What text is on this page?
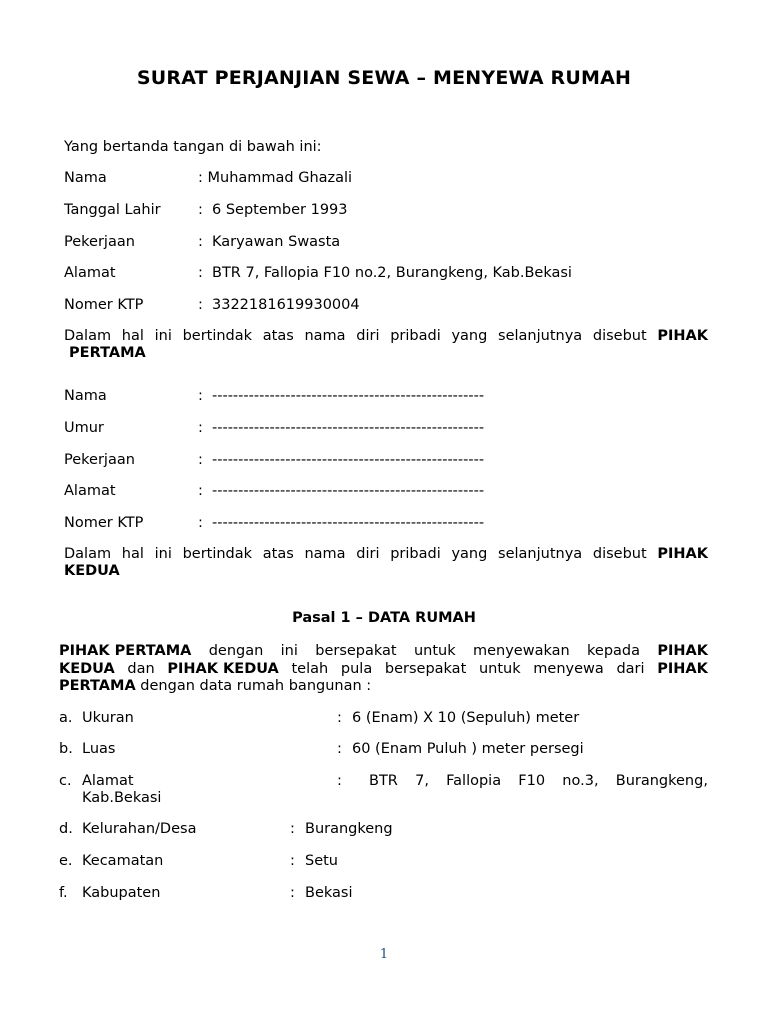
SURAT PERJANJIAN SEWA – MENYEWA RUMAH
Yang bertanda tangan di bawah ini:
Nama	: Muhammad Ghazali
Tanggal Lahir	: 6 September 1993
Pekerjaan	: Karyawan Swasta
Alamat	: BTR 7, Fallopia F10 no.2, Burangkeng, Kab.Bekasi
Nomer KTP	: 3322181619930004
Dalam hal ini bertindak atas nama diri pribadi yang selanjutnya disebut PIHAK
PERTAMA
Nama	: ----------------------------------------------------
Umur	: ----------------------------------------------------
Pekerjaan	: ----------------------------------------------------
Alamat	: ----------------------------------------------------
Nomer KTP	: ----------------------------------------------------
Dalam hal ini bertindak atas nama diri pribadi yang selanjutnya disebut PIHAK
KEDUA
Pasal 1 – DATA RUMAH
PIHAK PERTAMA dengan ini bersepakat untuk menyewakan kepada PIHAK
KEDUA dan PIHAK KEDUA telah pula bersepakat untuk menyewa dari PIHAK
PERTAMA dengan data rumah bangunan :
a. Ukuran	: 6 (Enam) X 10 (Sepuluh) meter
b. Luas	: 60 (Enam Puluh ) meter persegi
c. Alamat	: BTR 7, Fallopia F10 no.3, Burangkeng,
Kab.Bekasi
d. Kelurahan/Desa	: Burangkeng
e. Kecamatan	: Setu
f. Kabupaten	: Bekasi
1
